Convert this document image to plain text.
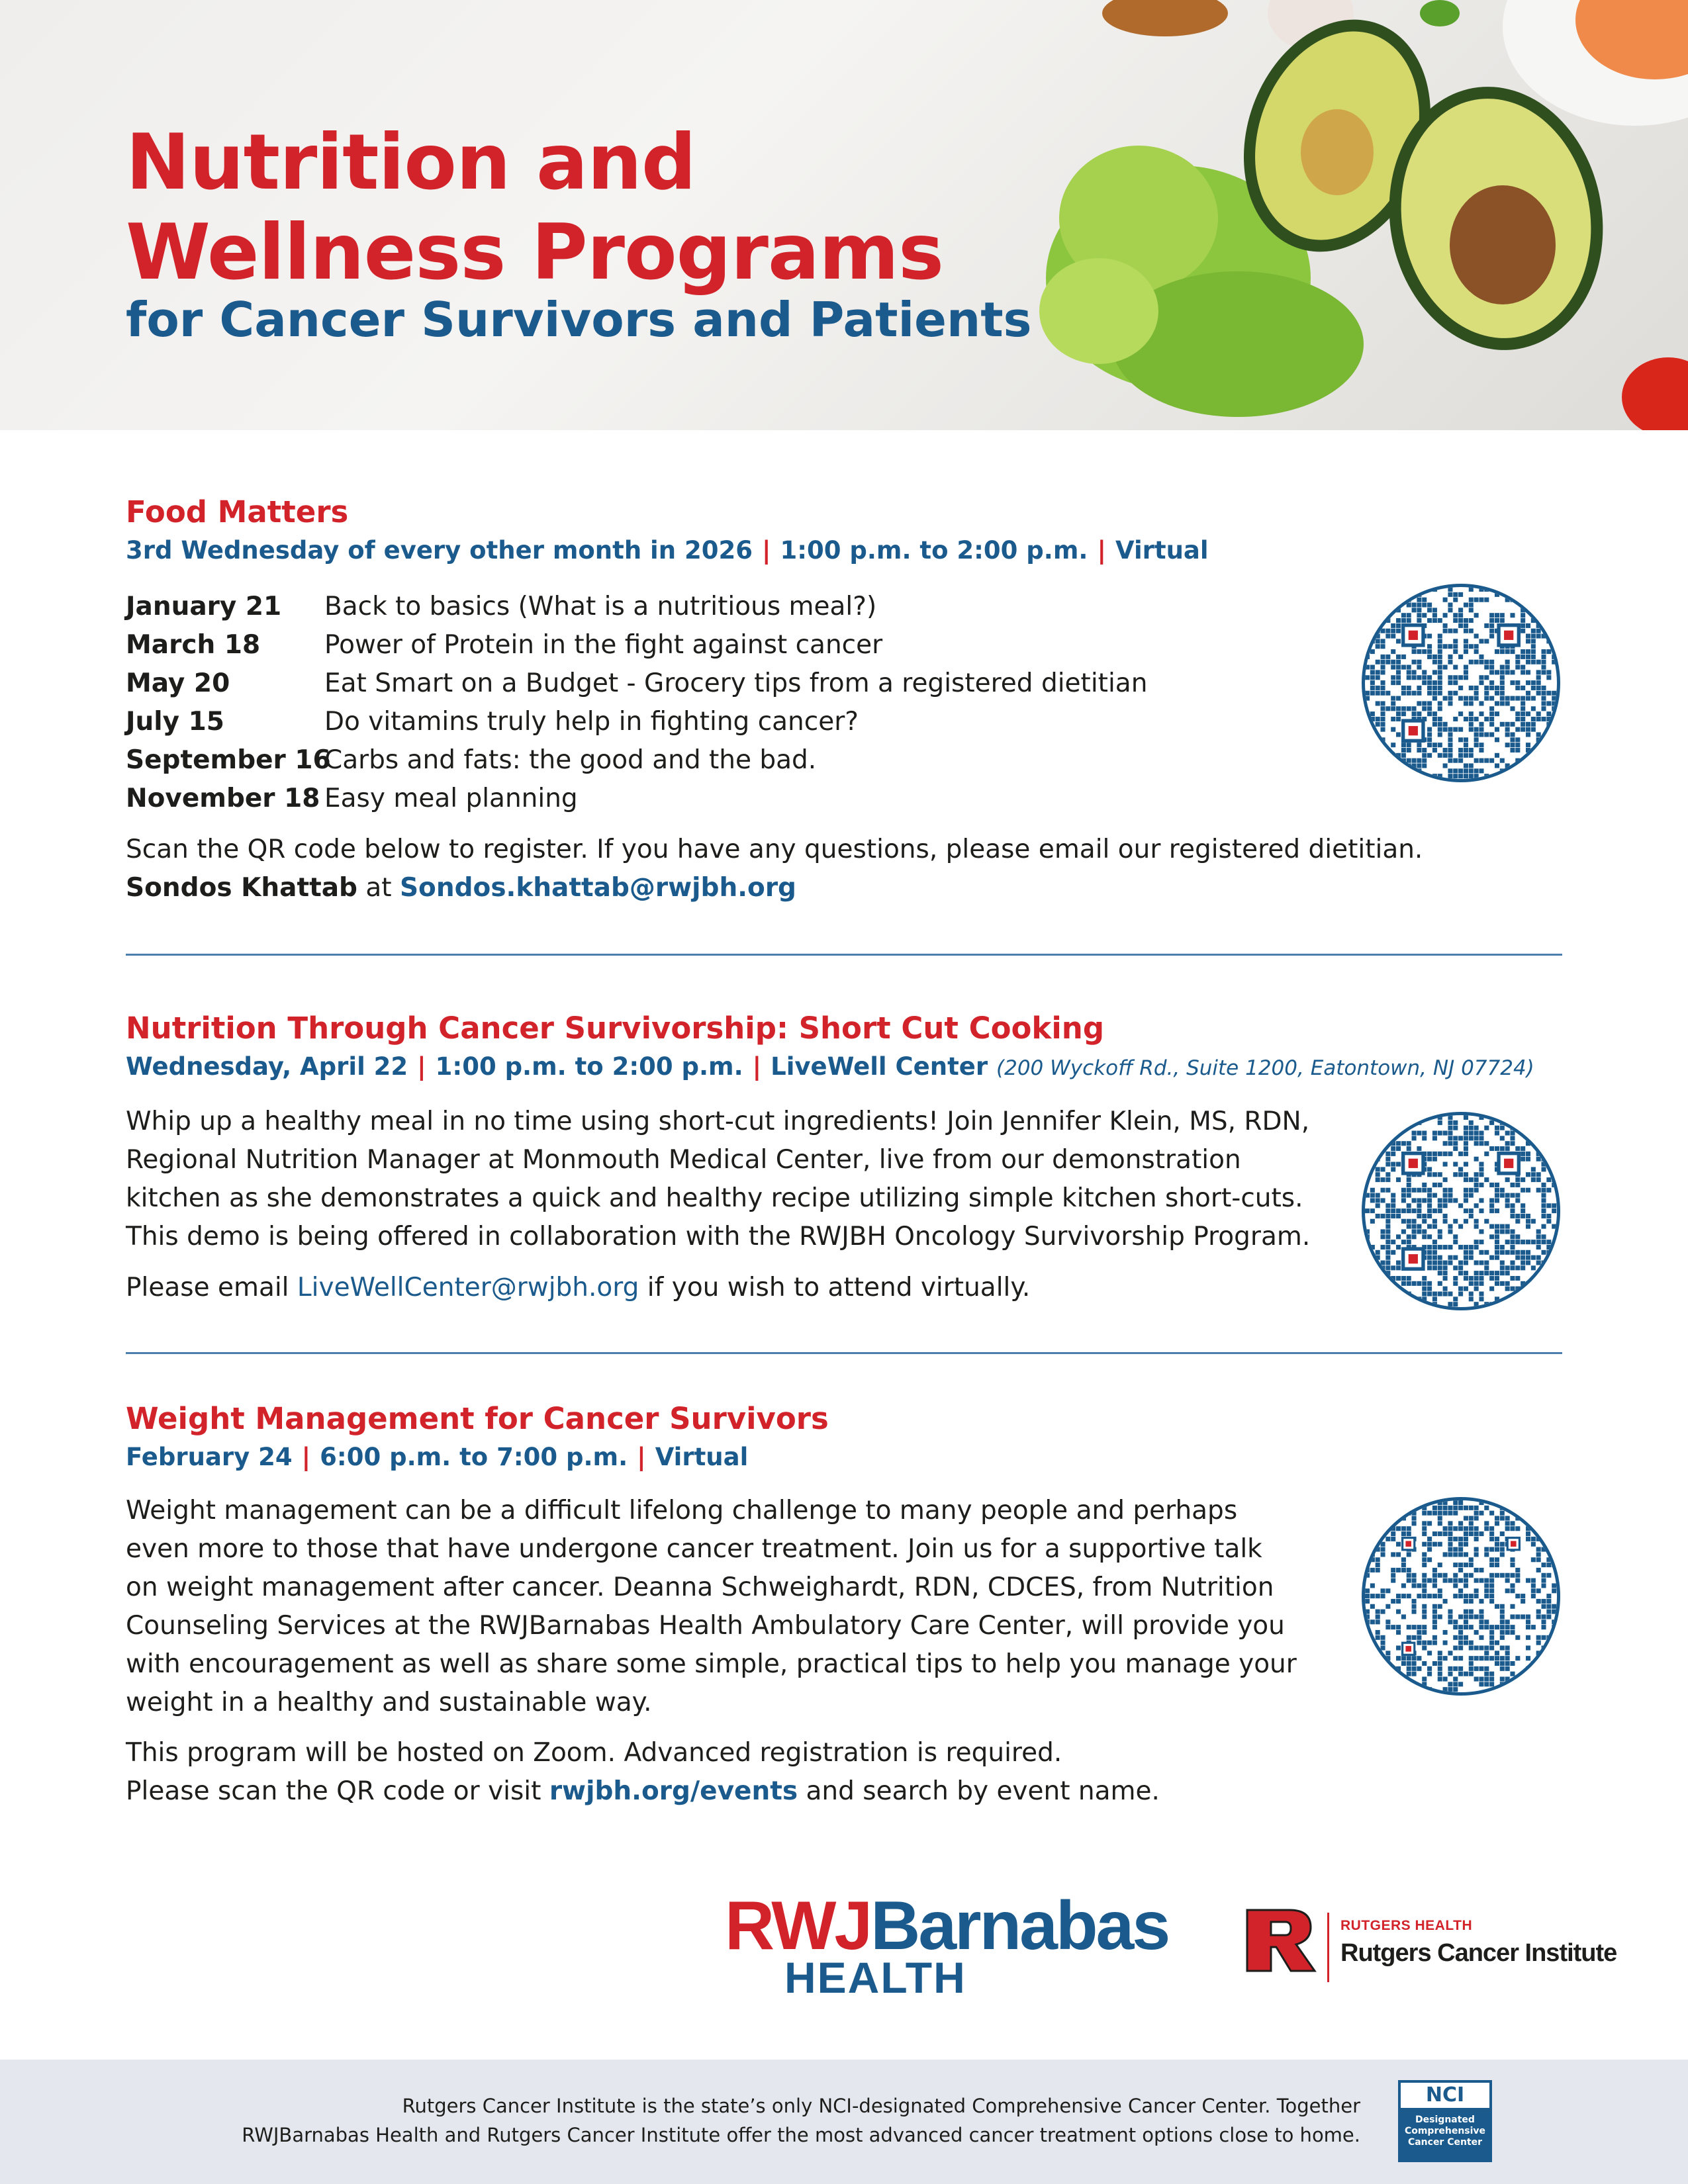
Nutrition and
Wellness Programs

for Cancer Survivors and Patients

Food Matters

3rd Wednesday of every other month in 2026 | 1:00 p.m. to 2:00 p.m. | Virtual

January 21 Back to basics (What is a nutritious meal?)
March 18 Power of Protein in the fight against cancer
May 20	Eat Smart on a Budget - Grocery tips from a registered dietitian
July 15	Do vitamins truly help in fighting cancer?
September 16Carbs and fats: the good and the bad.
November 18 Easy meal planning

Scan the QR code below to register. If you have any questions, please email our registered dietitian.
Sondos Khattab at Sondos.khattab@rwjbh.org

Nutrition Through Cancer Survivorship: Short Cut Cooking

Wednesday, April 22 | 1:00 p.m. to 2:00 p.m. | LiveWell Center (200 Wyckoff Rd., Suite 1200, Eatontown, NJ 07724)

Whip up a healthy meal in no time using short-cut ingredients! Join Jennifer Klein, MS, RDN,
Regional Nutrition Manager at Monmouth Medical Center, live from our demonstration
kitchen as she demonstrates a quick and healthy recipe utilizing simple kitchen short-cuts.
This demo is being offered in collaboration with the RWJBH Oncology Survivorship Program.

Please email LiveWellCenter@rwjbh.org if you wish to attend virtually.

Weight Management for Cancer Survivors

February 24 | 6:00 p.m. to 7:00 p.m. | Virtual

Weight management can be a difficult lifelong challenge to many people and perhaps
even more to those that have undergone cancer treatment. Join us for a supportive talk
on weight management after cancer. Deanna Schweighardt, RDN, CDCES, from Nutrition
Counseling Services at the RWJBarnabas Health Ambulatory Care Center, will provide you
with encouragement as well as share some simple, practical tips to help you manage your
weight in a healthy and sustainable way.

This program will be hosted on Zoom. Advanced registration is required.
Please scan the QR code or visit rwjbh.org/events and search by event name.

RWJBarnabas
HEALTH
RUTGERS HEALTH
Rutgers Cancer Institute

Rutgers Cancer Institute is the state’s only NCI-designated Comprehensive Cancer Center. Together
RWJBarnabas Health and Rutgers Cancer Institute offer the most advanced cancer treatment options close to home.

NCI
Designated Comprehensive Cancer Center
